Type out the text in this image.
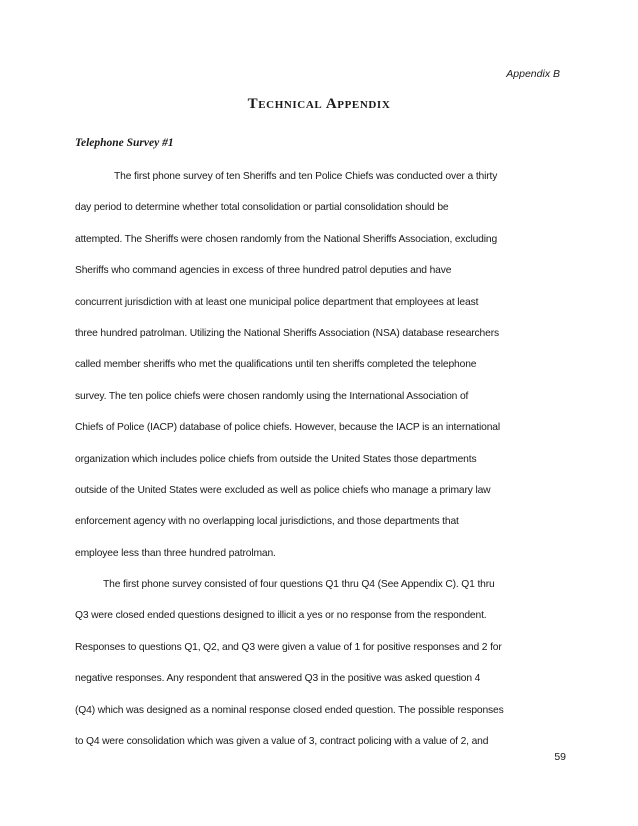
Appendix B
Technical Appendix
Telephone Survey #1
The first phone survey of ten Sheriffs and ten Police Chiefs was conducted over a thirty
day period to determine whether total consolidation or partial consolidation should be
attempted. The Sheriffs were chosen randomly from the National Sheriffs Association, excluding
Sheriffs who command agencies in excess of three hundred patrol deputies and have
concurrent jurisdiction with at least one municipal police department that employees at least
three hundred patrolman. Utilizing the National Sheriffs Association (NSA) database researchers
called member sheriffs who met the qualifications until ten sheriffs completed the telephone
survey. The ten police chiefs were chosen randomly using the International Association of
Chiefs of Police (IACP) database of police chiefs. However, because the IACP is an international
organization which includes police chiefs from outside the United States those departments
outside of the United States were excluded as well as police chiefs who manage a primary law
enforcement agency with no overlapping local jurisdictions, and those departments that
employee less than three hundred patrolman.
The first phone survey consisted of four questions Q1 thru Q4 (See Appendix C). Q1 thru
Q3 were closed ended questions designed to illicit a yes or no response from the respondent.
Responses to questions Q1, Q2, and Q3 were given a value of 1 for positive responses and 2 for
negative responses. Any respondent that answered Q3 in the positive was asked question 4
(Q4) which was designed as a nominal response closed ended question. The possible responses
to Q4 were consolidation which was given a value of 3, contract policing with a value of 2, and
59
